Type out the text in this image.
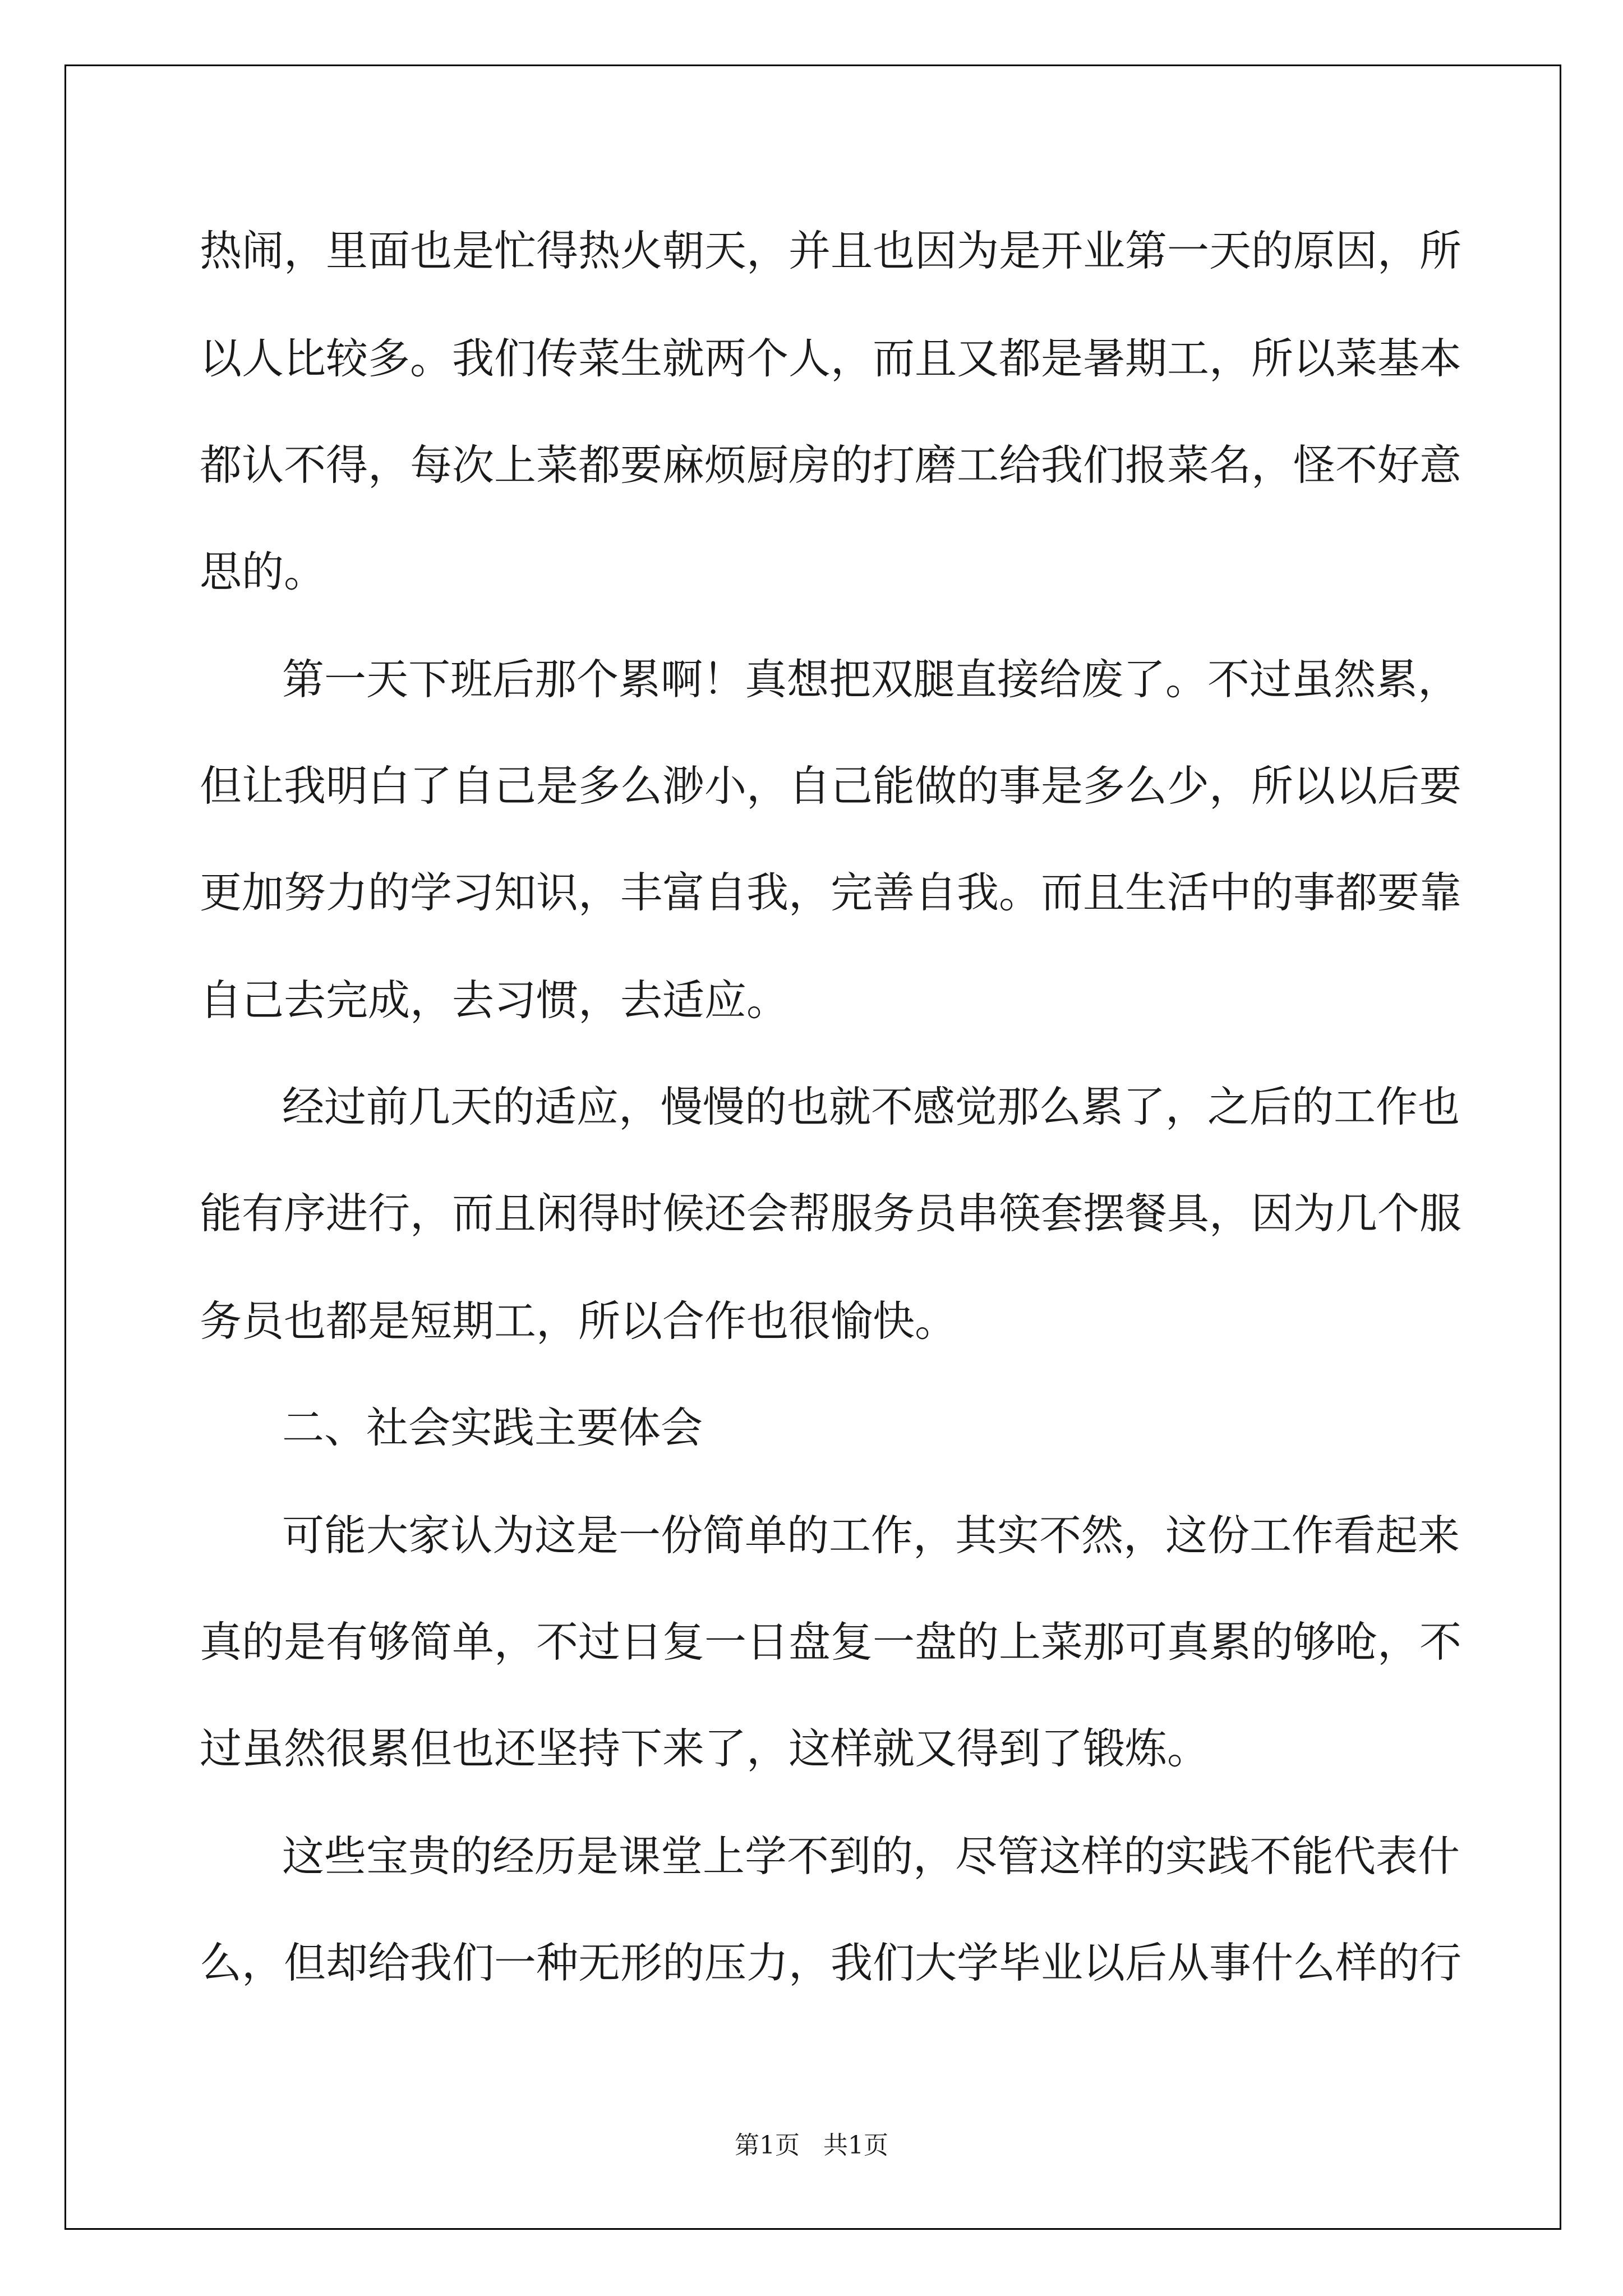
热闹，里面也是忙得热火朝天，并且也因为是开业第一天的原因，所
以人比较多。我们传菜生就两个人，而且又都是暑期工，所以菜基本
都认不得，每次上菜都要麻烦厨房的打磨工给我们报菜名，怪不好意
思的。
第一天下班后那个累啊！真想把双腿直接给废了。不过虽然累，
但让我明白了自己是多么渺小，自己能做的事是多么少，所以以后要
更加努力的学习知识，丰富自我，完善自我。而且生活中的事都要靠
自己去完成，去习惯，去适应。
经过前几天的适应，慢慢的也就不感觉那么累了，之后的工作也
能有序进行，而且闲得时候还会帮服务员串筷套摆餐具，因为几个服
务员也都是短期工，所以合作也很愉快。
二、社会实践主要体会
可能大家认为这是一份简单的工作，其实不然，这份工作看起来
真的是有够简单，不过日复一日盘复一盘的上菜那可真累的够呛，不
过虽然很累但也还坚持下来了，这样就又得到了锻炼。
这些宝贵的经历是课堂上学不到的，尽管这样的实践不能代表什
么，但却给我们一种无形的压力，我们大学毕业以后从事什么样的行
第1页   共1页
